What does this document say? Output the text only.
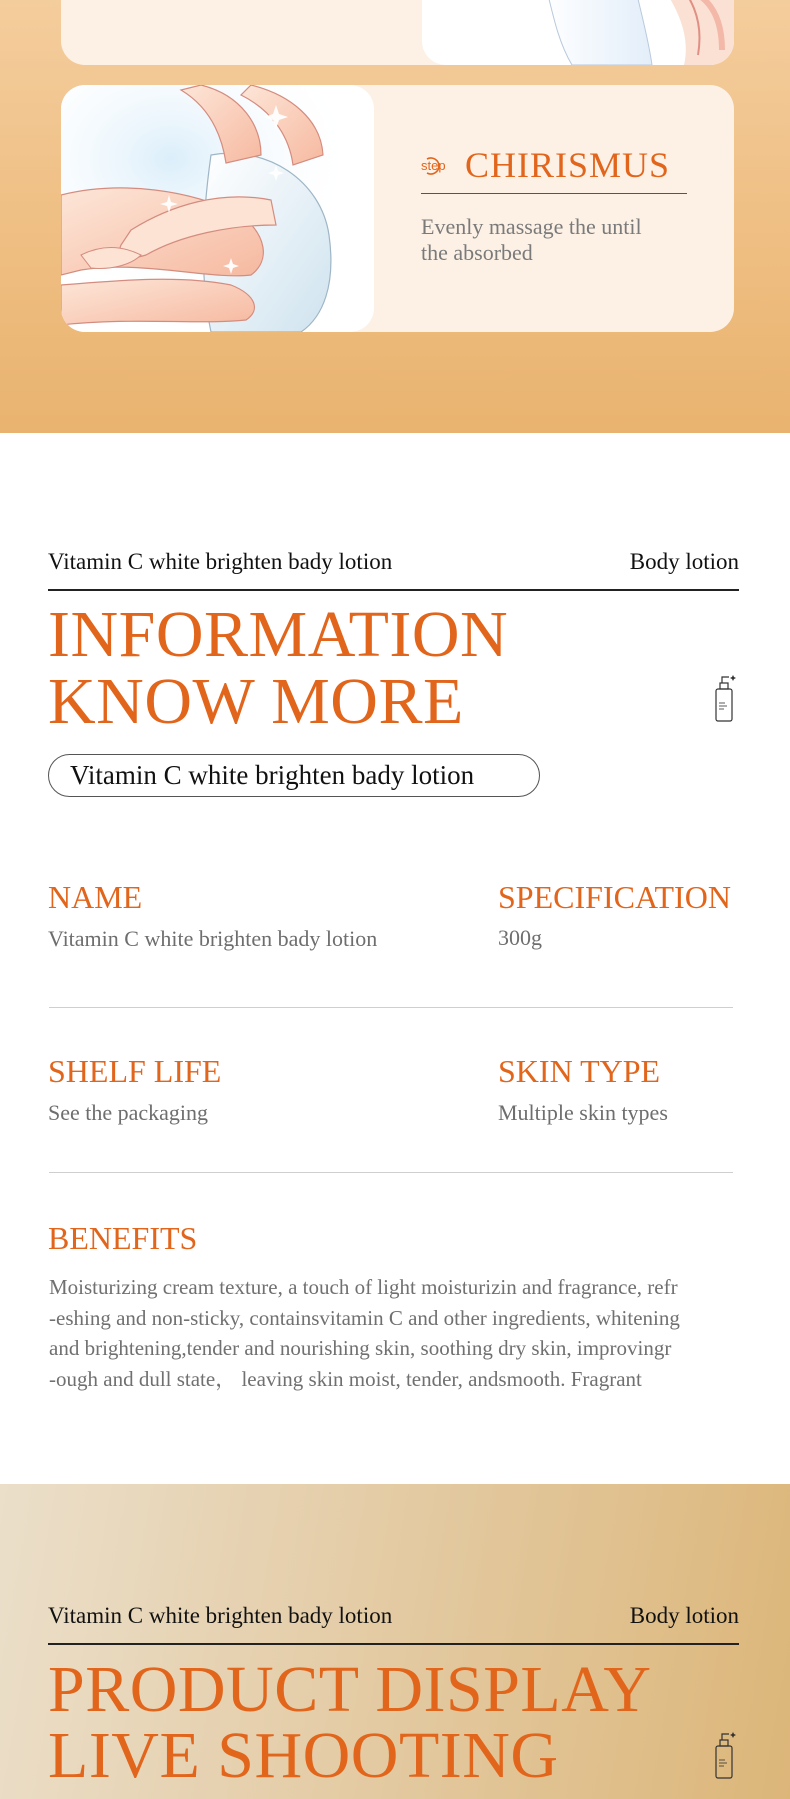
step CHIRISMUS
Evenly massage the until
the absorbed
Vitamin C white brighten bady lotion	Body lotion
INFORMATION
KNOW MORE
Vitamin C white brighten bady lotion
NAME
Vitamin C white brighten bady lotion
SPECIFICATION
300g
SHELF LIFE
See the packaging
SKIN TYPE
Multiple skin types
BENEFITS
Moisturizing cream texture, a touch of light moisturizin and fragrance, refr
-eshing and non-sticky, containsvitamin C and other ingredients, whitening
and brightening,tender and nourishing skin, soothing dry skin, improvingr
-ough and dull state， leaving skin moist, tender, andsmooth. Fragrant
Vitamin C white brighten bady lotion	Body lotion
PRODUCT DISPLAY
LIVE SHOOTING
